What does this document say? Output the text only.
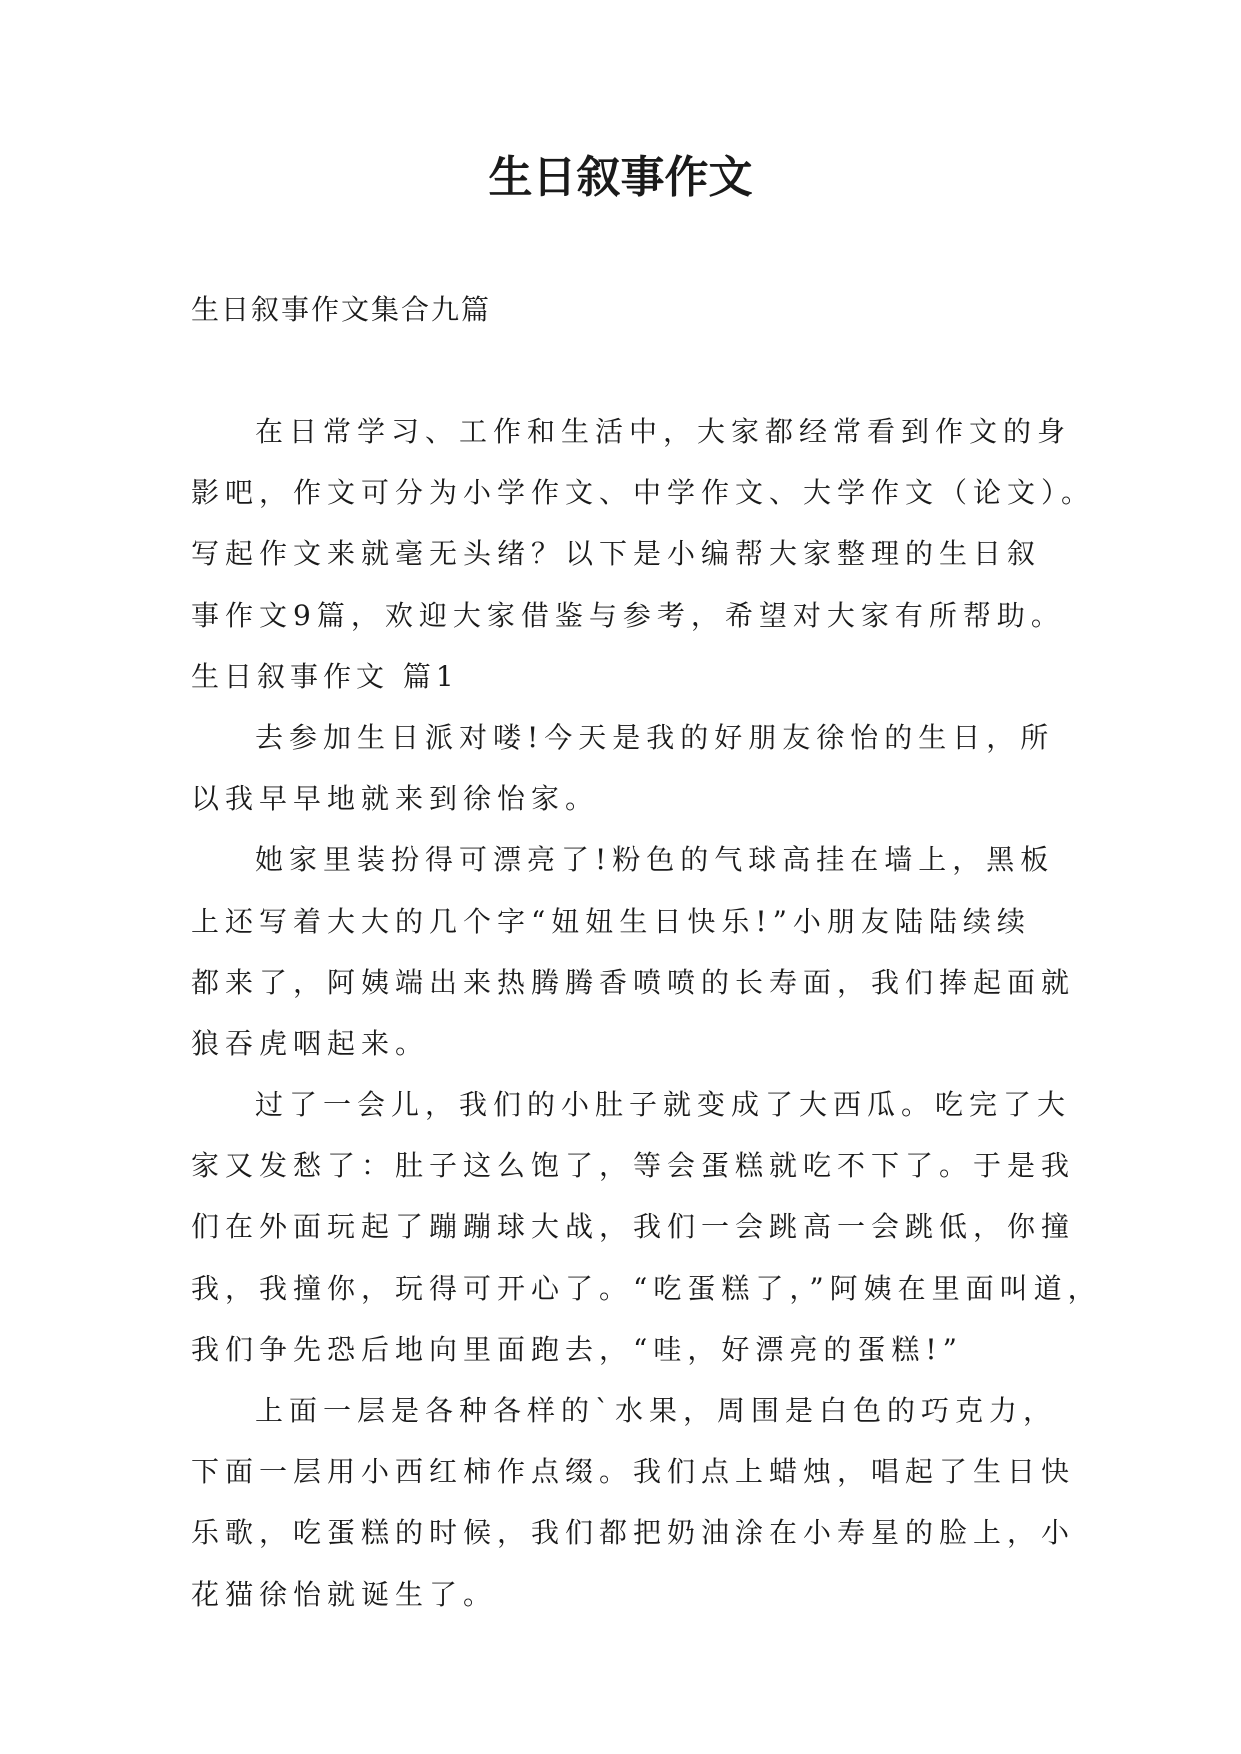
生日叙事作文

生日叙事作文集合九篇

在日常学习、工作和生活中，大家都经常看到作文的身
影吧，作文可分为小学作文、中学作文、大学作文（论文）。
写起作文来就毫无头绪？以下是小编帮大家整理的生日叙
事作文9篇，欢迎大家借鉴与参考，希望对大家有所帮助。
生日叙事作文 篇1
去参加生日派对喽!今天是我的好朋友徐怡的生日，所
以我早早地就来到徐怡家。
她家里装扮得可漂亮了!粉色的气球高挂在墙上，黑板
上还写着大大的几个字“妞妞生日快乐!”小朋友陆陆续续
都来了，阿姨端出来热腾腾香喷喷的长寿面，我们捧起面就
狼吞虎咽起来。
过了一会儿，我们的小肚子就变成了大西瓜。吃完了大
家又发愁了：肚子这么饱了，等会蛋糕就吃不下了。于是我
们在外面玩起了蹦蹦球大战，我们一会跳高一会跳低，你撞
我，我撞你，玩得可开心了。“吃蛋糕了，”阿姨在里面叫道，
我们争先恐后地向里面跑去，“哇，好漂亮的蛋糕!”
上面一层是各种各样的`水果，周围是白色的巧克力，
下面一层用小西红柿作点缀。我们点上蜡烛，唱起了生日快
乐歌，吃蛋糕的时候，我们都把奶油涂在小寿星的脸上，小
花猫徐怡就诞生了。
